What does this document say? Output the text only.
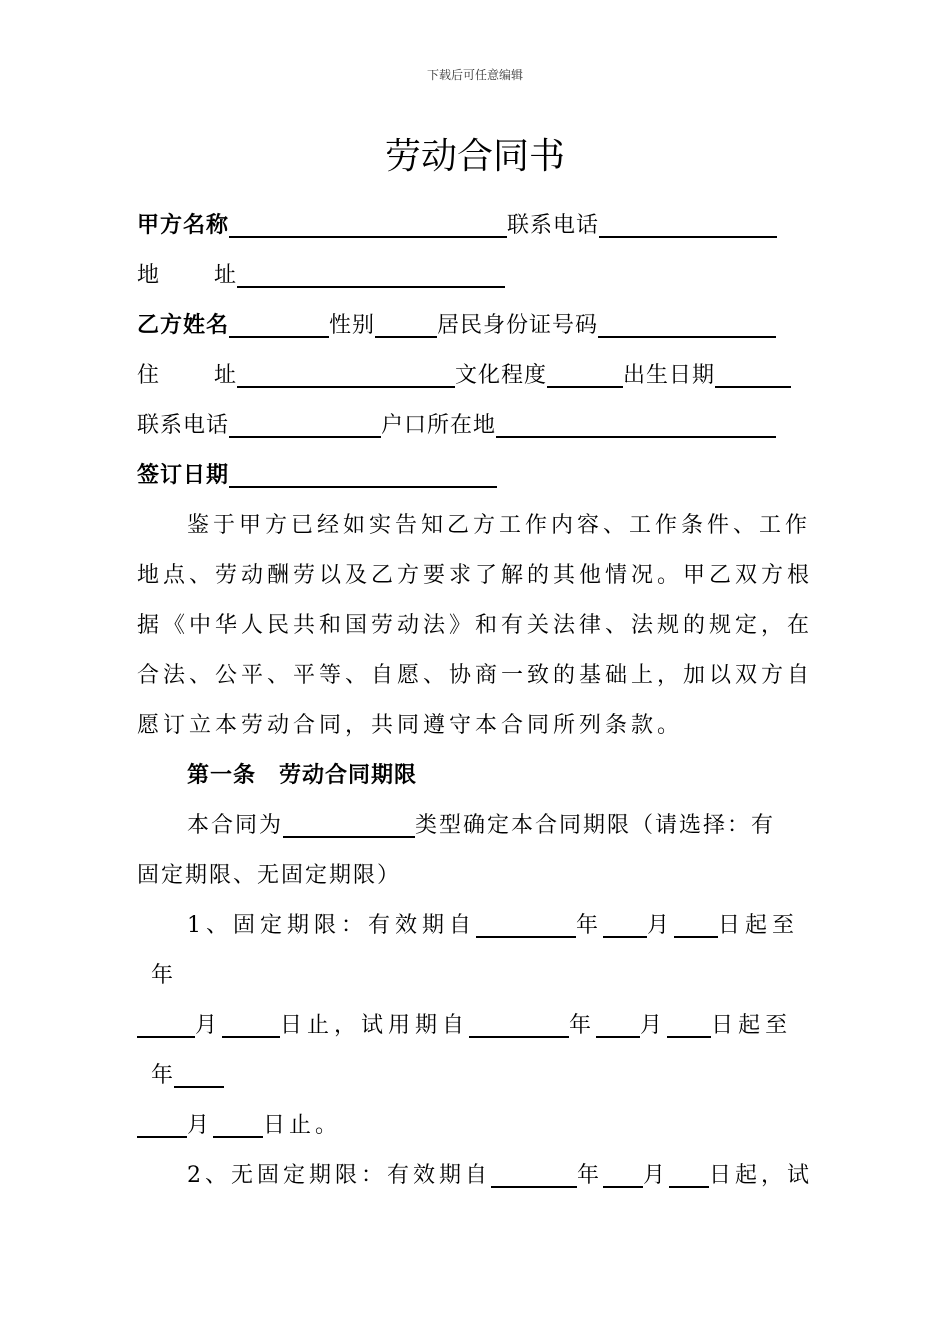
下载后可任意编辑
劳动合同书
甲方名称	联系电话
地 址
乙方姓名	性别	居民身份证号码
住 址	文化程度	出生日期
联系电话	户口所在地
签订日期
鉴于甲方已经如实告知乙方工作内容、工作条件、工作
地点、劳动酬劳以及乙方要求了解的其他情况。甲乙双方根
据《中华人民共和国劳动法》和有关法律、法规的规定，在
合法、公平、平等、自愿、协商一致的基础上，加以双方自
愿订立本劳动合同，共同遵守本合同所列条款。
第一条　劳动合同期限
本合同为	类型确定本合同期限（请选择：有
固定期限、无固定期限）
1、固定期限：有效期自	年 月 日起至
年
月	日止，试用期自	年 月 日起至
年
月 日止。
2、无固定期限：有效期自	年 月 日起，试
